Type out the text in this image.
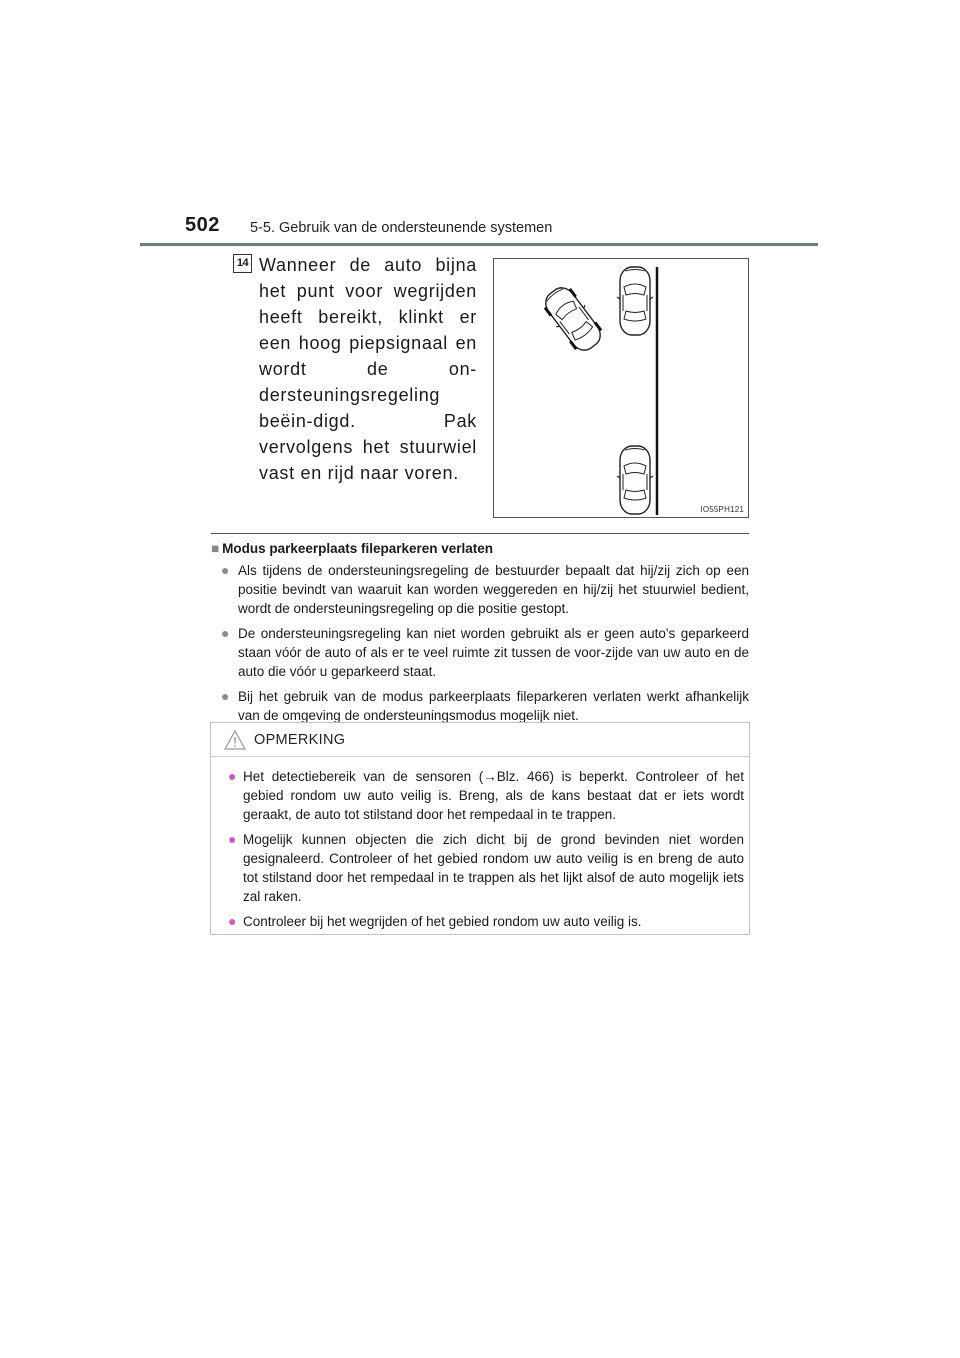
502 5-5. Gebruik van de ondersteunende systemen
14 Wanneer de auto bijna het punt voor wegrijden heeft bereikt, klinkt er een hoog piepsignaal en wordt de on-dersteuningsregeling beëin-digd. Pak vervolgens het stuurwiel vast en rijd naar voren.
IO55PH121
■ Modus parkeerplaats fileparkeren verlaten
● Als tijdens de ondersteuningsregeling de bestuurder bepaalt dat hij/zij zich op een positie bevindt van waaruit kan worden weggereden en hij/zij het stuurwiel bedient, wordt de ondersteuningsregeling op die positie gestopt.
● De ondersteuningsregeling kan niet worden gebruikt als er geen auto's geparkeerd staan vóór de auto of als er te veel ruimte zit tussen de voor-zijde van uw auto en de auto die vóór u geparkeerd staat.
● Bij het gebruik van de modus parkeerplaats fileparkeren verlaten werkt afhankelijk van de omgeving de ondersteuningsmodus mogelijk niet.
OPMERKING
● Het detectiebereik van de sensoren (→Blz. 466) is beperkt. Controleer of het gebied rondom uw auto veilig is. Breng, als de kans bestaat dat er iets wordt geraakt, de auto tot stilstand door het rempedaal in te trappen.
● Mogelijk kunnen objecten die zich dicht bij de grond bevinden niet worden gesignaleerd. Controleer of het gebied rondom uw auto veilig is en breng de auto tot stilstand door het rempedaal in te trappen als het lijkt alsof de auto mogelijk iets zal raken.
● Controleer bij het wegrijden of het gebied rondom uw auto veilig is.
